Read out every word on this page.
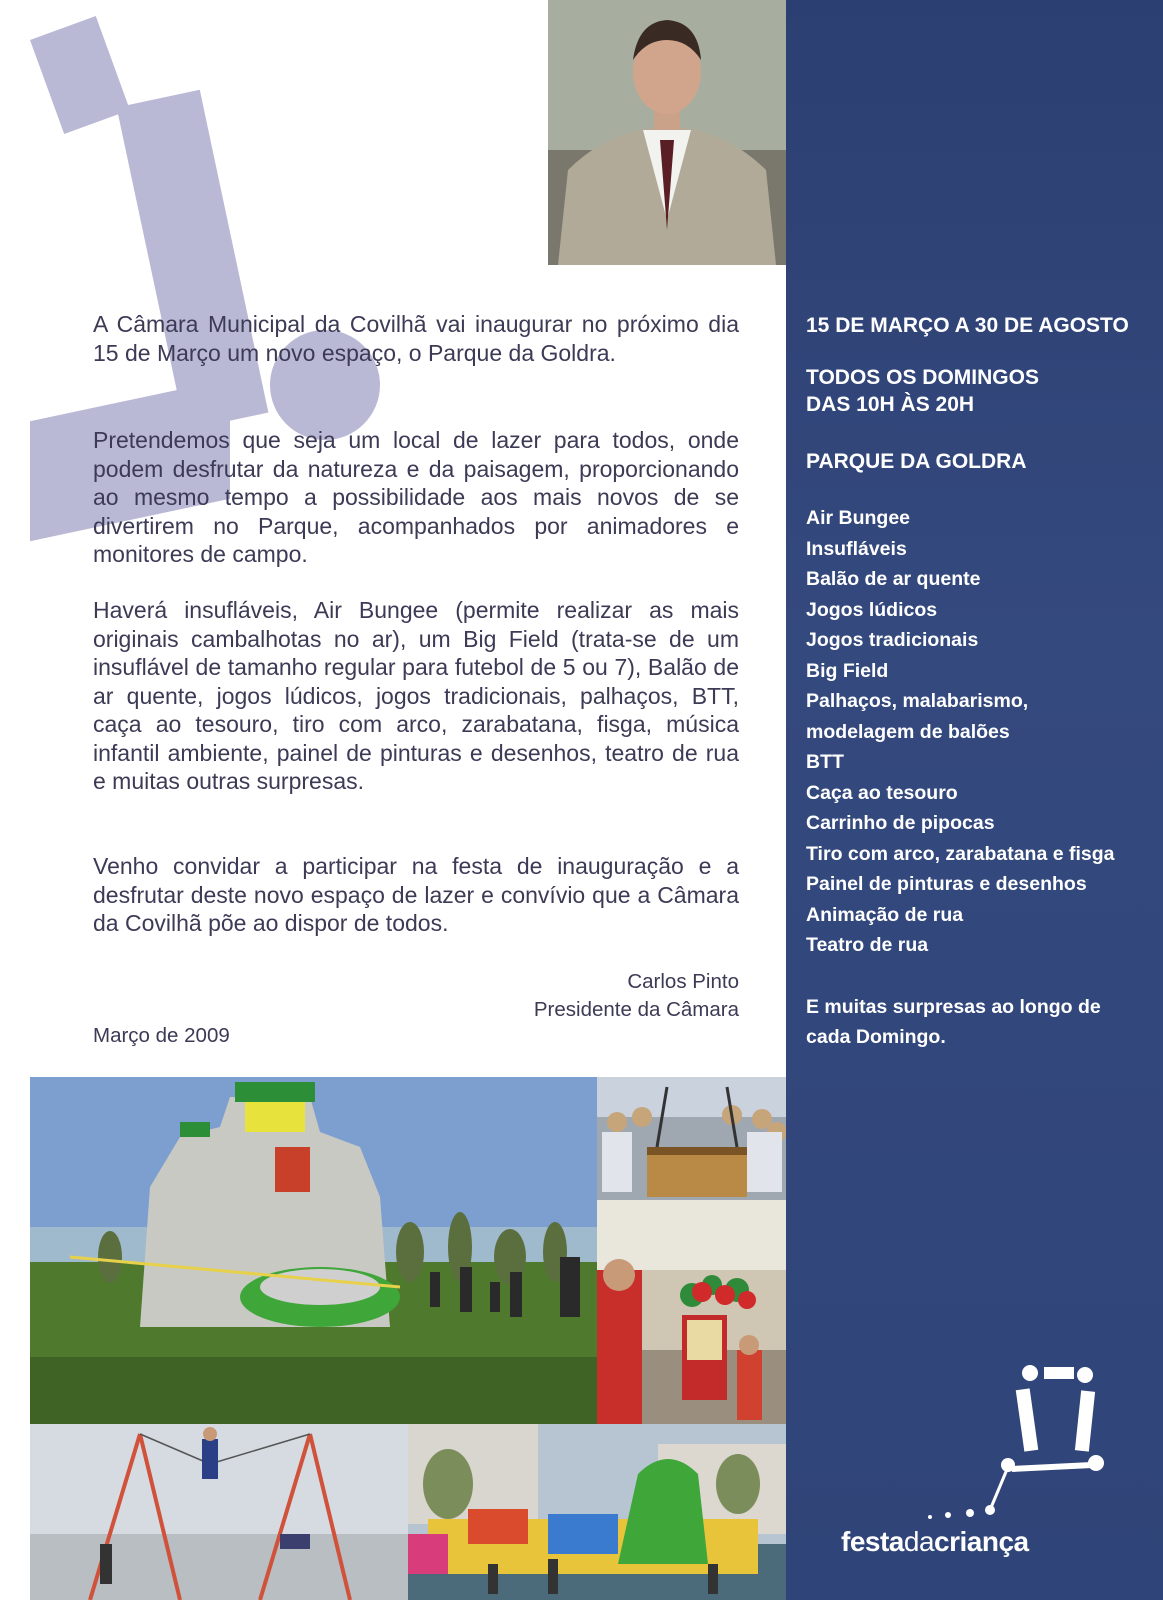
A Câmara Municipal da Covilhã vai inaugurar no próximo dia 15 de Março um novo espaço, o Parque da Goldra.

Pretendemos que seja um local de lazer para todos, onde podem desfrutar da natureza e da paisagem, proporcionando ao mesmo tempo a possibilidade aos mais novos de se divertirem no Parque, acompanhados por animadores e monitores de campo.

Haverá insufláveis, Air Bungee (permite realizar as mais originais cambalhotas no ar), um Big Field (trata-se de um insuflável de tamanho regular para futebol de 5 ou 7), Balão de ar quente, jogos lúdicos, jogos tradicionais, palhaços, BTT, caça ao tesouro, tiro com arco, zarabatana, fisga, música infantil ambiente, painel de pinturas e desenhos, teatro de rua e muitas outras surpresas.

Venho convidar a participar na festa de inauguração e a desfrutar deste novo espaço de lazer e convívio que a Câmara da Covilhã põe ao dispor de todos.

Carlos Pinto
Presidente da Câmara
Março de 2009
15 DE MARÇO A 30 DE AGOSTO
TODOS OS DOMINGOS
DAS 10H ÀS 20H
PARQUE DA GOLDRA
Air Bungee
Insufláveis
Balão de ar quente
Jogos lúdicos
Jogos tradicionais
Big Field
Palhaços, malabarismo,
modelagem de balões
BTT
Caça ao tesouro
Carrinho de pipocas
Tiro com arco, zarabatana e fisga
Painel de pinturas e desenhos
Animação de rua
Teatro de rua
E muitas surpresas ao longo de
cada Domingo.
festadacriança
